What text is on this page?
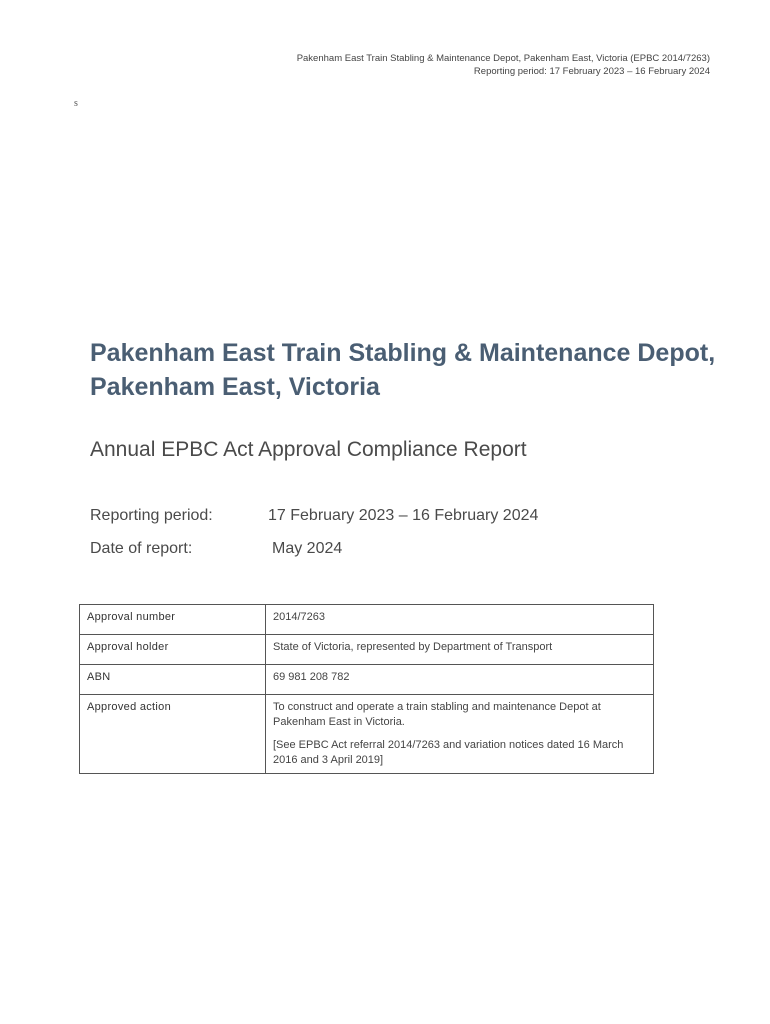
Pakenham East Train Stabling & Maintenance Depot, Pakenham East, Victoria (EPBC 2014/7263)
Reporting period: 17 February 2023 – 16 February 2024
s
Pakenham East Train Stabling & Maintenance Depot, Pakenham East, Victoria
Annual EPBC Act Approval Compliance Report
Reporting period:	17 February 2023 – 16 February 2024
Date of report:	May 2024
Approval number	2014/7263
Approval holder	State of Victoria, represented by Department of Transport
ABN	69 981 208 782
Approved action	To construct and operate a train stabling and maintenance Depot at Pakenham East in Victoria.

[See EPBC Act referral 2014/7263 and variation notices dated 16 March 2016 and 3 April 2019]
